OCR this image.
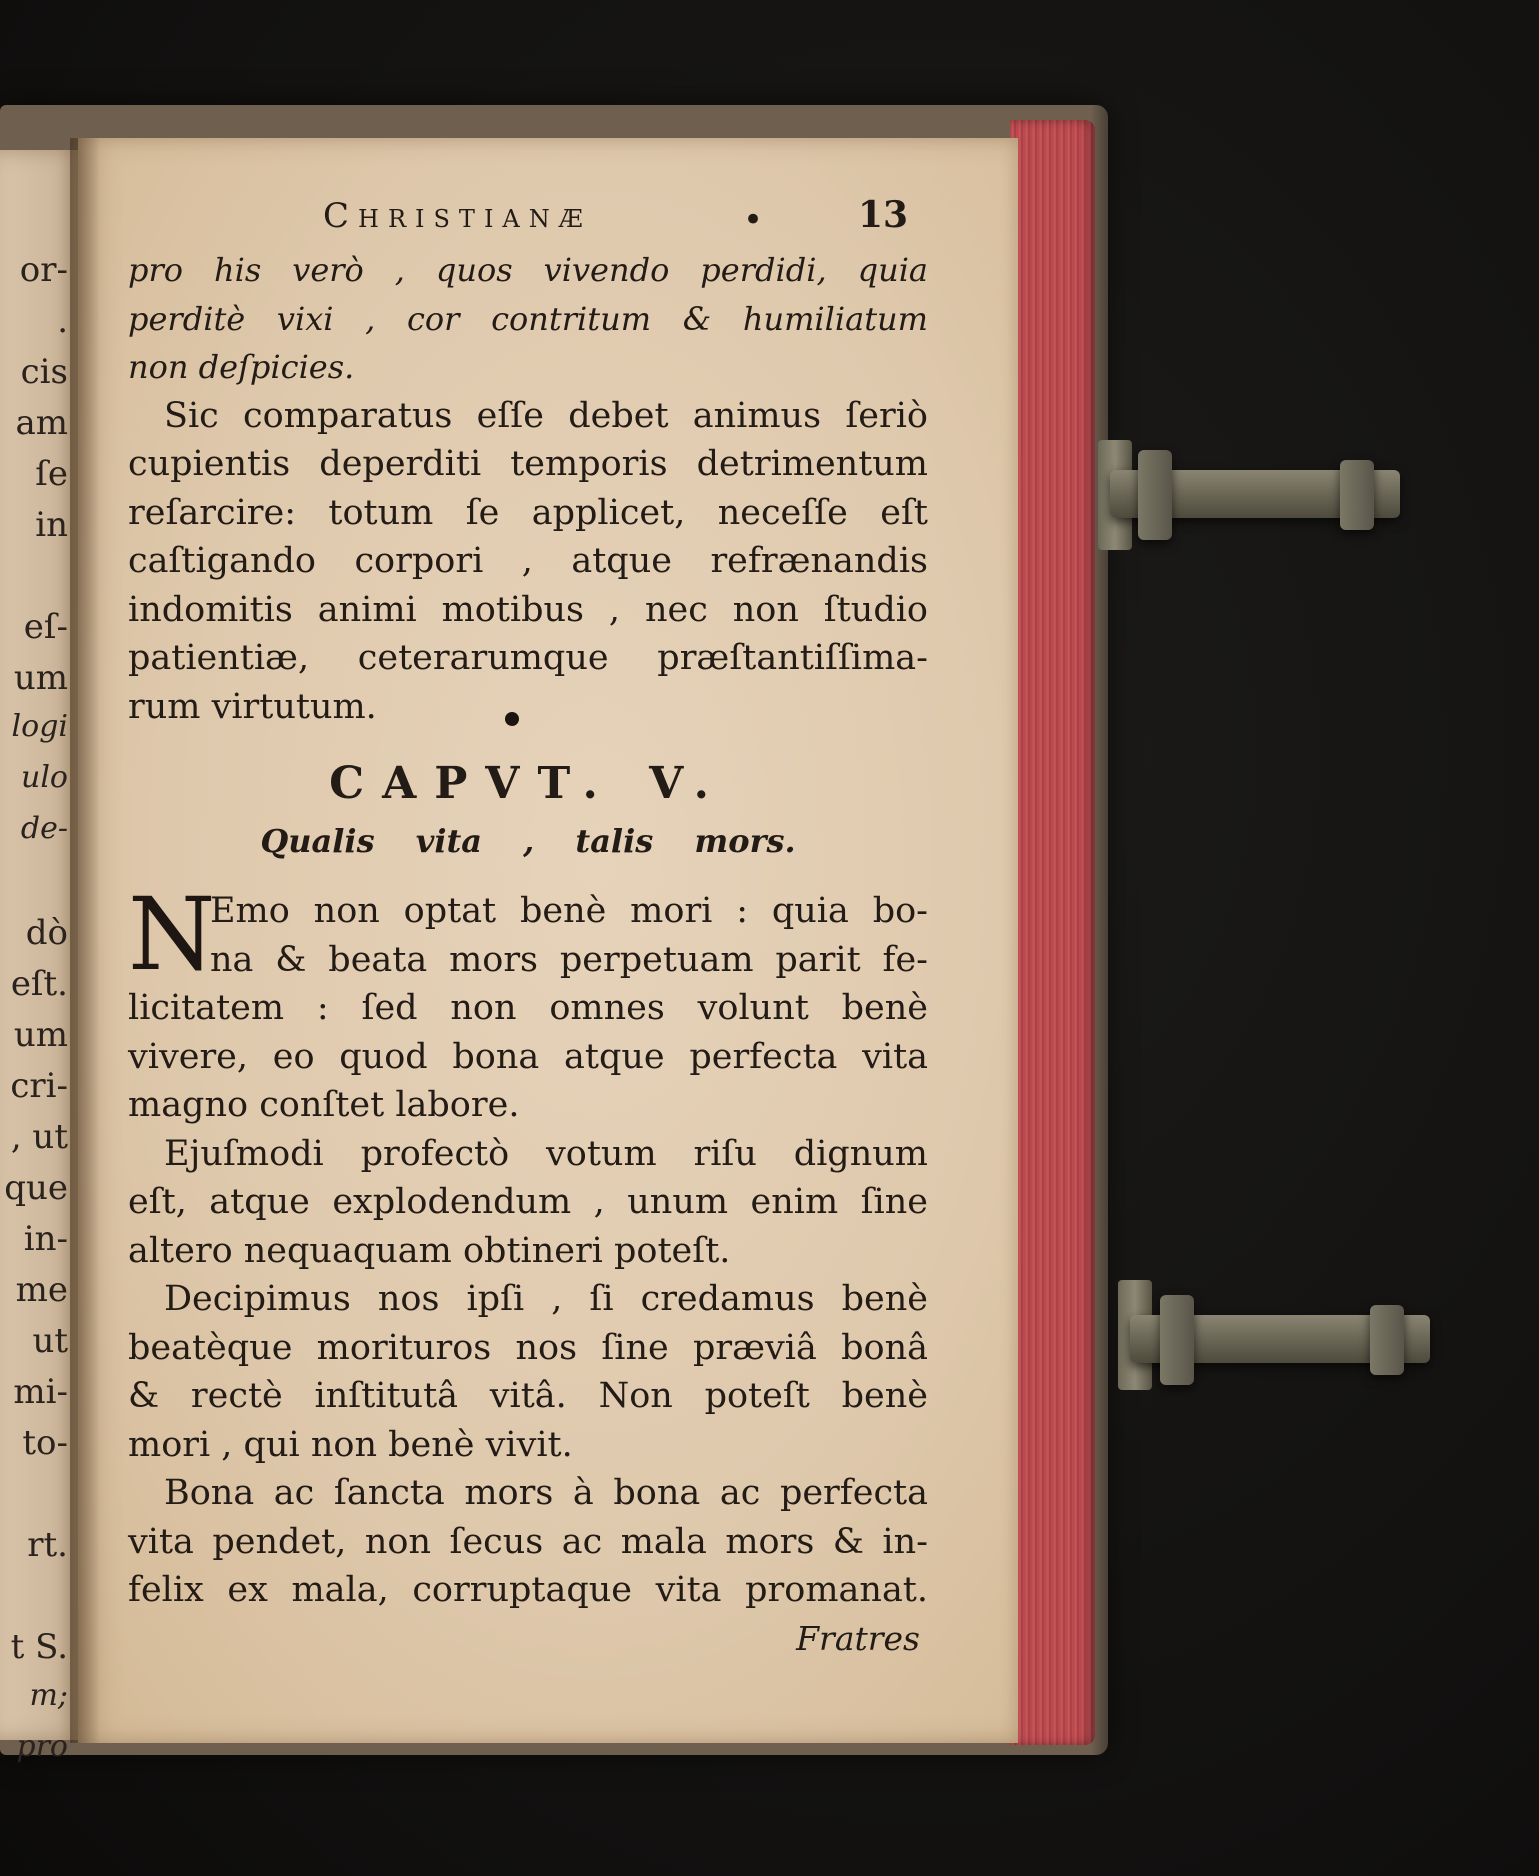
or-
.
cis
am
ſe
in
eſ-
um
logi
ulo
de-
dò
eſt.
um
cri-
, ut
que
in-
me
ut
mi-
to-
rt.
t S.
m;
pro
Christianæ	•	13
pro his verò , quos vivendo perdidi, quia
perditè vixi , cor contritum & humiliatum
non deſpicies.
Sic comparatus eſſe debet animus ſeriò
cupientis deperditi temporis detrimentum
reſarcire: totum ſe applicet, neceſſe eſt
caſtigando corpori , atque refrænandis
indomitis animi motibus , nec non ſtudio
patientiæ, ceterarumque præſtantiſſima-
rum virtutum.
CAPVT. V.
Qualis vita , talis mors.
N
Emo non optat benè mori : quia bo-
na & beata mors perpetuam parit fe-
licitatem : ſed non omnes volunt benè
vivere, eo quod bona atque perfecta vita
magno conſtet labore.
Ejuſmodi profectò votum riſu dignum
eſt, atque explodendum , unum enim ſine
altero nequaquam obtineri poteſt.
Decipimus nos ipſi , ſi credamus benè
beatèque morituros nos ſine præviâ bonâ
& rectè inſtitutâ vitâ. Non poteſt benè
mori , qui non benè vivit.
Bona ac ſancta mors à bona ac perfecta
vita pendet, non ſecus ac mala mors & in-
felix ex mala, corruptaque vita promanat.
Fratres
